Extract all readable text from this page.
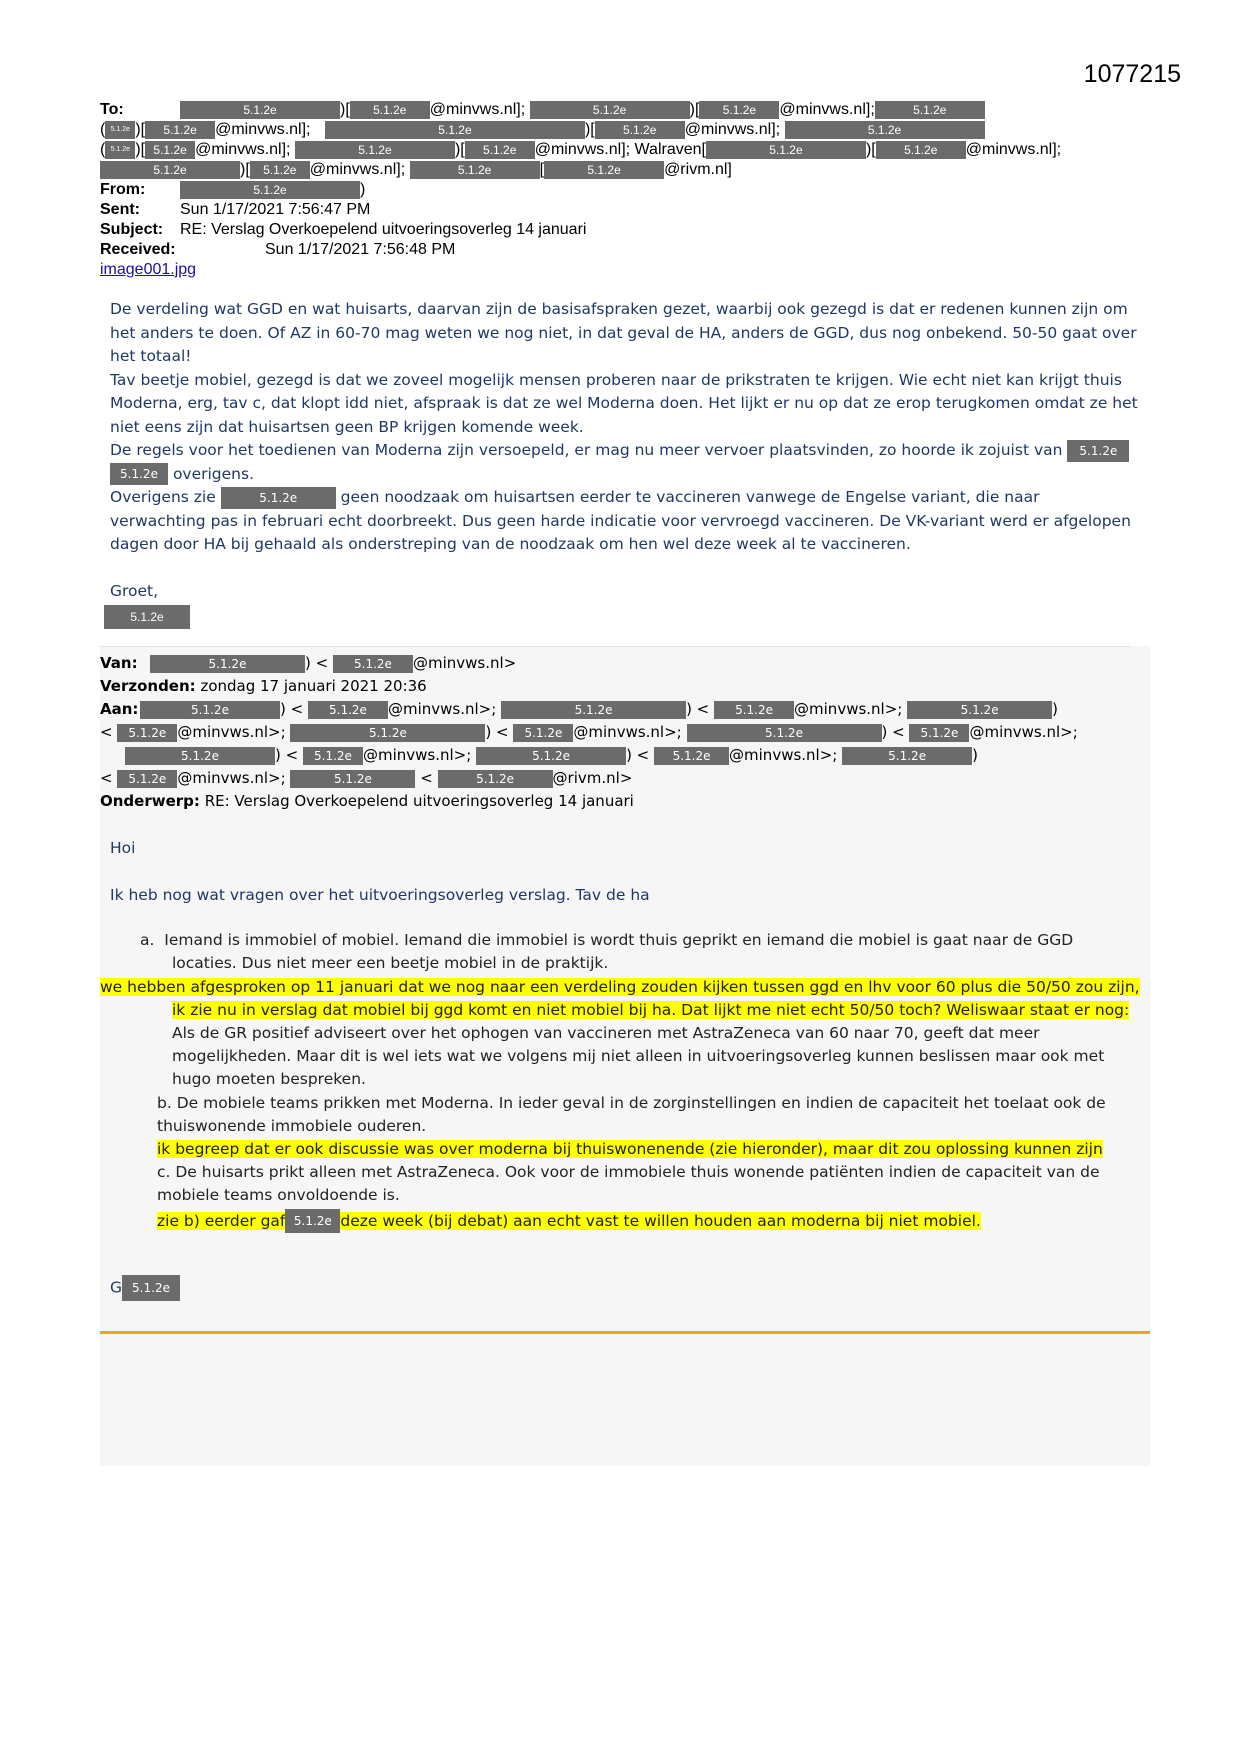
1077215
To:	5.1.2e	)[ 5.1.2e @minvws.nl];	5.1.2e	)[ 5.1.2e @minvws.nl];	5.1.2e
( 5.1.2e )[ 5.1.2e @minvws.nl];	5.1.2e	)[ 5.1.2e @minvws.nl];	5.1.2e
( 5.1.2e )[ 5.1.2e @minvws.nl];	5.1.2e	)[ 5.1.2e @minvws.nl]; Walraven[	5.1.2e	)[ 5.1.2e @minvws.nl];
5.1.2e	)[ 5.1.2e @minvws.nl];	5.1.2e	[	5.1.2e	@rivm.nl]
From:	5.1.2e	)
Sent:	Sun 1/17/2021 7:56:47 PM
Subject: RE: Verslag Overkoepelend uitvoeringsoverleg 14 januari
Received:	Sun 1/17/2021 7:56:48 PM
image001.jpg

De verdeling wat GGD en wat huisarts, daarvan zijn de basisafspraken gezet, waarbij ook gezegd is dat er redenen kunnen zijn om het anders te doen. Of AZ in 60-70 mag weten we nog niet, in dat geval de HA, anders de GGD, dus nog onbekend. 50-50 gaat over het totaal!

Tav beetje mobiel, gezegd is dat we zoveel mogelijk mensen proberen naar de prikstraten te krijgen. Wie echt niet kan krijgt thuis Moderna, erg, tav c, dat klopt idd niet, afspraak is dat ze wel Moderna doen. Het lijkt er nu op dat ze erop terugkomen omdat ze het niet eens zijn dat huisartsen geen BP krijgen komende week.

De regels voor het toedienen van Moderna zijn versoepeld, er mag nu meer vervoer plaatsvinden, zo hoorde ik zojuist van 5.1.2e 5.1.2e overigens.

Overigens zie	5.1.2e	geen noodzaak om huisartsen eerder te vaccineren vanwege de Engelse variant, die naar verwachting pas in februari echt doorbreekt. Dus geen harde indicatie voor vervroegd vaccineren. De VK-variant werd er afgelopen dagen door HA bij gehaald als onderstreping van de noodzaak om hen wel deze week al te vaccineren.

Groet,

5.1.2e
Van:	5.1.2e	) < 5.1.2e @minvws.nl>
Verzonden: zondag 17 januari 2021 20:36
Aan:	5.1.2e	) < 5.1.2e @minvws.nl>;	5.1.2e	) < 5.1.2e @minvws.nl>;	5.1.2e	)
< 5.1.2e @minvws.nl>;	5.1.2e	) < 5.1.2e @minvws.nl>;	5.1.2e	) < 5.1.2e @minvws.nl>;
5.1.2e	) < 5.1.2e @minvws.nl>;	5.1.2e	) < 5.1.2e @minvws.nl>;	5.1.2e	)
< 5.1.2e @minvws.nl>;	5.1.2e	<	5.1.2e	@rivm.nl>
Onderwerp: RE: Verslag Overkoepelend uitvoeringsoverleg 14 januari

Hoi

Ik heb nog wat vragen over het uitvoeringsoverleg verslag. Tav de ha

a. Iemand is immobiel of mobiel. Iemand die immobiel is wordt thuis geprikt en iemand die mobiel is gaat naar de GGD
locaties. Dus niet meer een beetje mobiel in de praktijk.
we hebben afgesproken op 11 januari dat we nog naar een verdeling zouden kijken tussen ggd en lhv voor 60 plus die 50/50 zou zijn,
ik zie nu in verslag dat mobiel bij ggd komt en niet mobiel bij ha. Dat lijkt me niet echt 50/50 toch? Weliswaar staat er nog:
Als de GR positief adviseert over het ophogen van vaccineren met AstraZeneca van 60 naar 70, geeft dat meer
mogelijkheden. Maar dit is wel iets wat we volgens mij niet alleen in uitvoeringsoverleg kunnen beslissen maar ook met
hugo moeten bespreken.
b. De mobiele teams prikken met Moderna. In ieder geval in de zorginstellingen en indien de capaciteit het toelaat ook de
thuiswonende immobiele ouderen.
ik begreep dat er ook discussie was over moderna bij thuiswonenende (zie hieronder), maar dit zou oplossing kunnen zijn
c. De huisarts prikt alleen met AstraZeneca. Ook voor de immobiele thuis wonende patiënten indien de capaciteit van de
mobiele teams onvoldoende is.
zie b) eerder gaf 5.1.2e deze week (bij debat) aan echt vast te willen houden aan moderna bij niet mobiel.
G 5.1.2e
